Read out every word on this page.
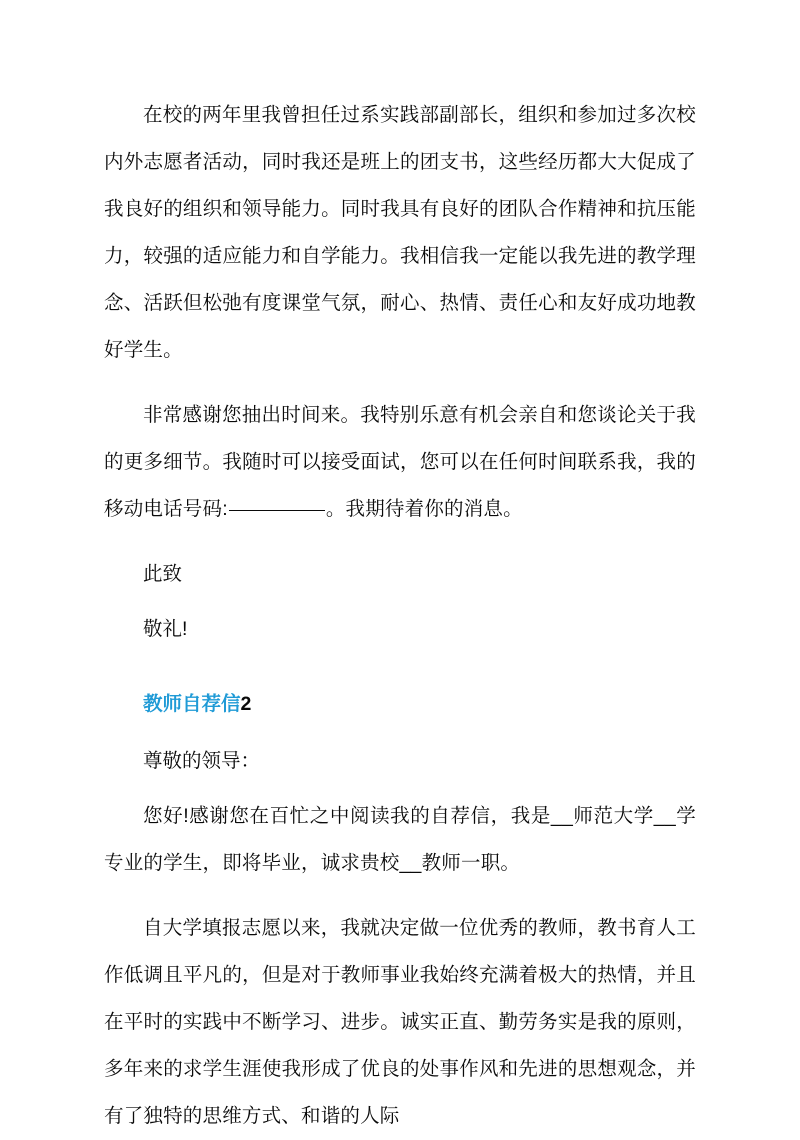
在校的两年里我曾担任过系实践部副部长，组织和参加过多次校内外志愿者活动，同时我还是班上的团支书，这些经历都大大促成了我良好的组织和领导能力。同时我具有良好的团队合作精神和抗压能力，较强的适应能力和自学能力。我相信我一定能以我先进的教学理念、活跃但松弛有度课堂气氛，耐心、热情、责任心和友好成功地教好学生。

非常感谢您抽出时间来。我特别乐意有机会亲自和您谈论关于我的更多细节。我随时可以接受面试，您可以在任何时间联系我，我的移动电话号码:	。我期待着你的消息。

此致

敬礼!

教师自荐信2

尊敬的领导：

您好!感谢您在百忙之中阅读我的自荐信，我是__师范大学__学专业的学生，即将毕业，诚求贵校__教师一职。

自大学填报志愿以来，我就决定做一位优秀的教师，教书育人工作低调且平凡的，但是对于教师事业我始终充满着极大的热情，并且在平时的实践中不断学习、进步。诚实正直、勤劳务实是我的原则，多年来的求学生涯使我形成了优良的处事作风和先进的思想观念，并有了独特的思维方式、和谐的人际
